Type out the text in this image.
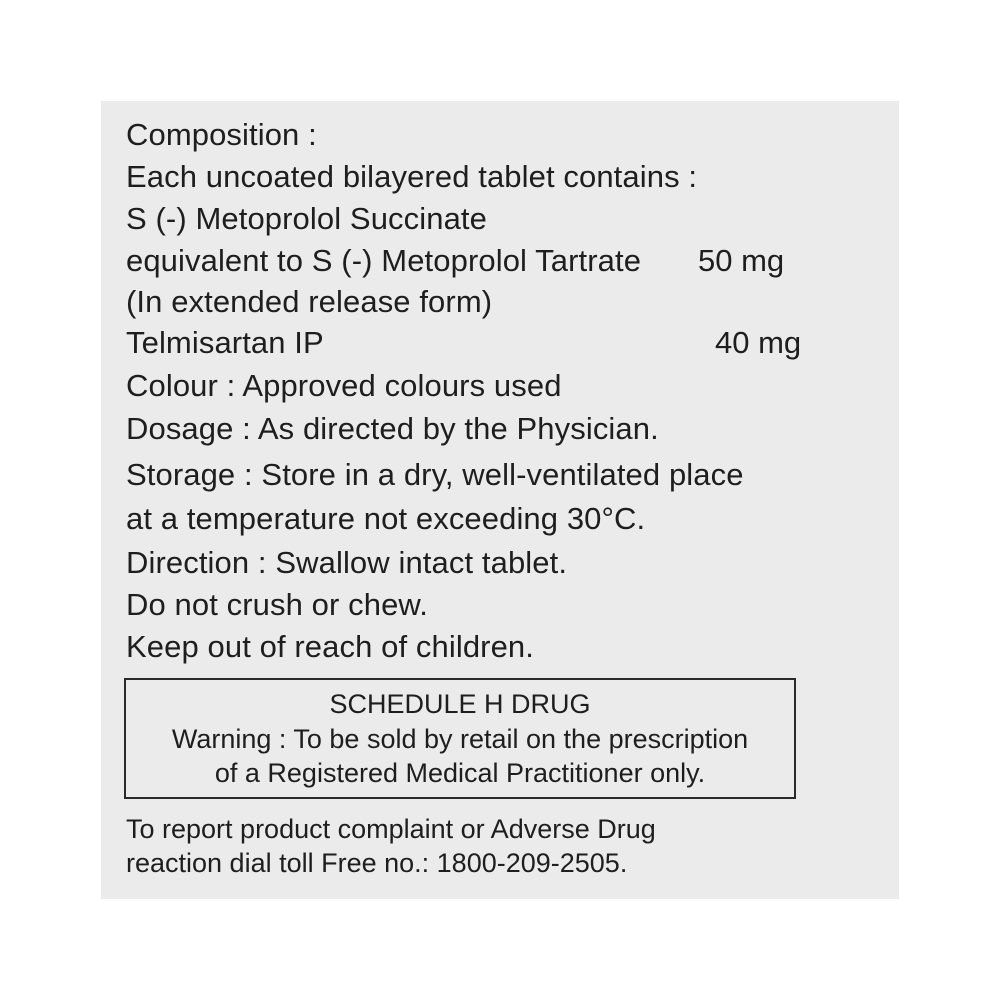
Composition :
Each uncoated bilayered tablet contains :
S (-) Metoprolol Succinate
equivalent to S (-) Metoprolol Tartrate 50 mg
(In extended release form)
Telmisartan IP	40 mg
Colour : Approved colours used
Dosage : As directed by the Physician.
Storage : Store in a dry, well-ventilated place
at a temperature not exceeding 30°C.
Direction : Swallow intact tablet.
Do not crush or chew.
Keep out of reach of children.
SCHEDULE H DRUG
Warning : To be sold by retail on the prescription
of a Registered Medical Practitioner only.
To report product complaint or Adverse Drug
reaction dial toll Free no.: 1800-209-2505.
